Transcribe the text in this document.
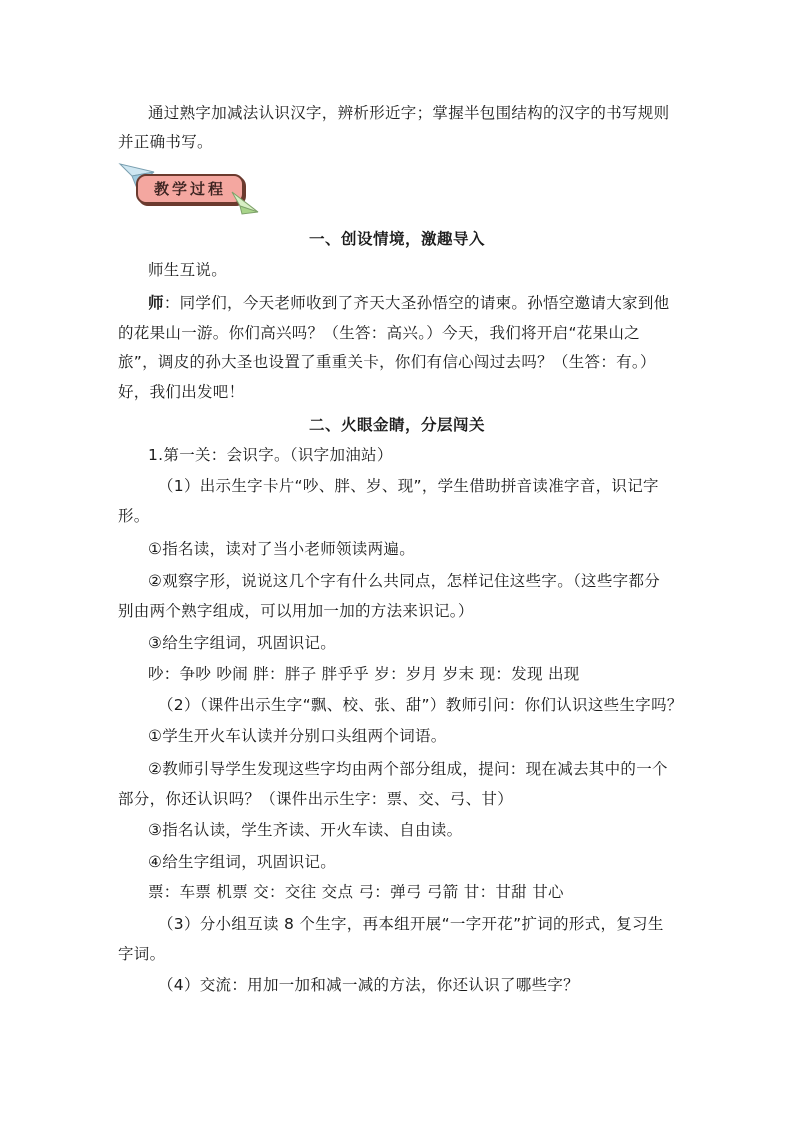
通过熟字加减法认识汉字，辨析形近字；掌握半包围结构的汉字的书写规则
并正确书写。
教学过程
一、创设情境，激趣导入
师生互说。
师：同学们，今天老师收到了齐天大圣孙悟空的请柬。孙悟空邀请大家到他
的花果山一游。你们高兴吗？（生答：高兴。）今天，我们将开启“花果山之
旅”，调皮的孙大圣也设置了重重关卡，你们有信心闯过去吗？（生答：有。）
好，我们出发吧！
二、火眼金睛，分层闯关
1.第一关：会识字。（识字加油站）
（1）出示生字卡片“吵、胖、岁、现”，学生借助拼音读准字音，识记字
形。
①指名读，读对了当小老师领读两遍。
②观察字形，说说这几个字有什么共同点，怎样记住这些字。（这些字都分
别由两个熟字组成，可以用加一加的方法来识记。）
③给生字组词，巩固识记。
吵：争吵 吵闹 胖：胖子 胖乎乎 岁：岁月 岁末 现：发现 出现
（2）（课件出示生字“飘、校、张、甜”）教师引问：你们认识这些生字吗？
①学生开火车认读并分别口头组两个词语。
②教师引导学生发现这些字均由两个部分组成，提问：现在减去其中的一个
部分，你还认识吗？（课件出示生字：票、交、弓、甘）
③指名认读，学生齐读、开火车读、自由读。
④给生字组词，巩固识记。
票：车票 机票 交：交往 交点 弓：弹弓 弓箭 甘：甘甜 甘心
（3）分小组互读 8 个生字，再本组开展“一字开花”扩词的形式，复习生
字词。
（4）交流：用加一加和减一减的方法，你还认识了哪些字？
